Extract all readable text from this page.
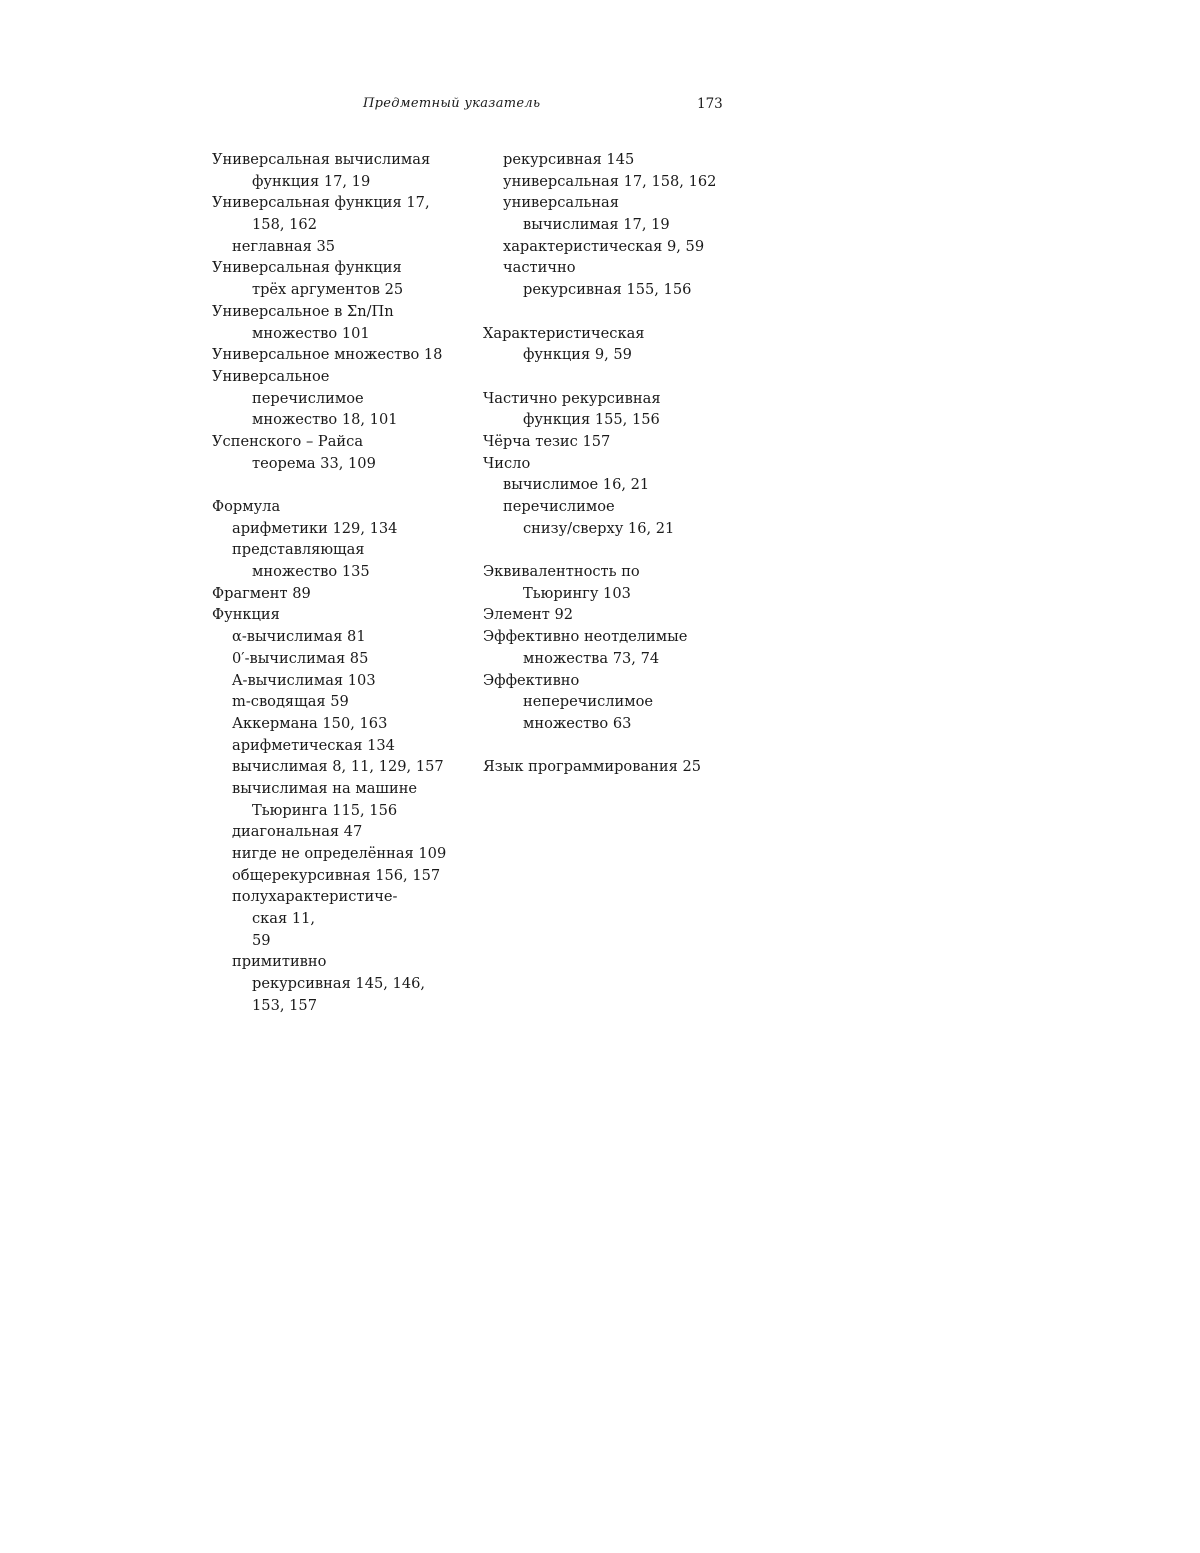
Предметный указатель	173
Универсальная вычислимая
функция 17, 19
Универсальная функция 17,
158, 162
неглавная 35
Универсальная функция
трёх аргументов 25
Универсальное в Σn/Πn
множество 101
Универсальное множество 18
Универсальное
перечислимое
множество 18, 101
Успенского – Райса
теорема 33, 109
Формула
арифметики 129, 134
представляющая
множество 135
Фрагмент 89
Функция
α-вычислимая 81
0′-вычислимая 85
A-вычислимая 103
m-сводящая 59
Аккермана 150, 163
арифметическая 134
вычислимая 8, 11, 129, 157
вычислимая на машине
Тьюринга 115, 156
диагональная 47
нигде не определённая 109
общерекурсивная 156, 157
полухарактеристиче-
ская 11,
59
примитивно
рекурсивная 145, 146,
153, 157
рекурсивная 145
универсальная 17, 158, 162
универсальная
вычислимая 17, 19
характеристическая 9, 59
частично
рекурсивная 155, 156
Характеристическая
функция 9, 59
Частично рекурсивная
функция 155, 156
Чёрча тезис 157
Число
вычислимое 16, 21
перечислимое
снизу/сверху 16, 21
Эквивалентность по
Тьюрингу 103
Элемент 92
Эффективно неотделимые
множества 73, 74
Эффективно
неперечислимое
множество 63
Язык программирования 25
